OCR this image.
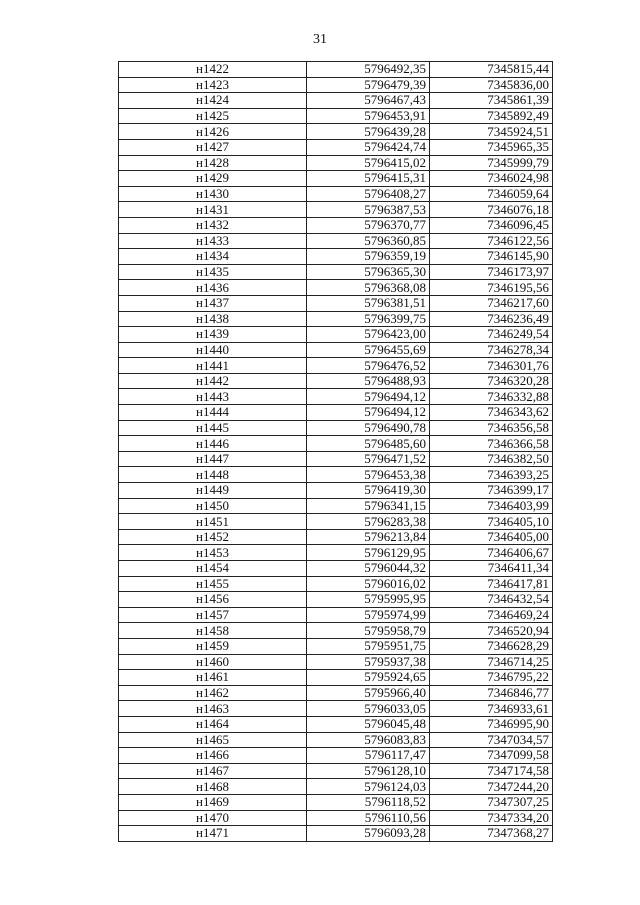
31
н1422	5796492,35	7345815,44
н1423	5796479,39	7345836,00
н1424	5796467,43	7345861,39
н1425	5796453,91	7345892,49
н1426	5796439,28	7345924,51
н1427	5796424,74	7345965,35
н1428	5796415,02	7345999,79
н1429	5796415,31	7346024,98
н1430	5796408,27	7346059,64
н1431	5796387,53	7346076,18
н1432	5796370,77	7346096,45
н1433	5796360,85	7346122,56
н1434	5796359,19	7346145,90
н1435	5796365,30	7346173,97
н1436	5796368,08	7346195,56
н1437	5796381,51	7346217,60
н1438	5796399,75	7346236,49
н1439	5796423,00	7346249,54
н1440	5796455,69	7346278,34
н1441	5796476,52	7346301,76
н1442	5796488,93	7346320,28
н1443	5796494,12	7346332,88
н1444	5796494,12	7346343,62
н1445	5796490,78	7346356,58
н1446	5796485,60	7346366,58
н1447	5796471,52	7346382,50
н1448	5796453,38	7346393,25
н1449	5796419,30	7346399,17
н1450	5796341,15	7346403,99
н1451	5796283,38	7346405,10
н1452	5796213,84	7346405,00
н1453	5796129,95	7346406,67
н1454	5796044,32	7346411,34
н1455	5796016,02	7346417,81
н1456	5795995,95	7346432,54
н1457	5795974,99	7346469,24
н1458	5795958,79	7346520,94
н1459	5795951,75	7346628,29
н1460	5795937,38	7346714,25
н1461	5795924,65	7346795,22
н1462	5795966,40	7346846,77
н1463	5796033,05	7346933,61
н1464	5796045,48	7346995,90
н1465	5796083,83	7347034,57
н1466	5796117,47	7347099,58
н1467	5796128,10	7347174,58
н1468	5796124,03	7347244,20
н1469	5796118,52	7347307,25
н1470	5796110,56	7347334,20
н1471	5796093,28	7347368,27
